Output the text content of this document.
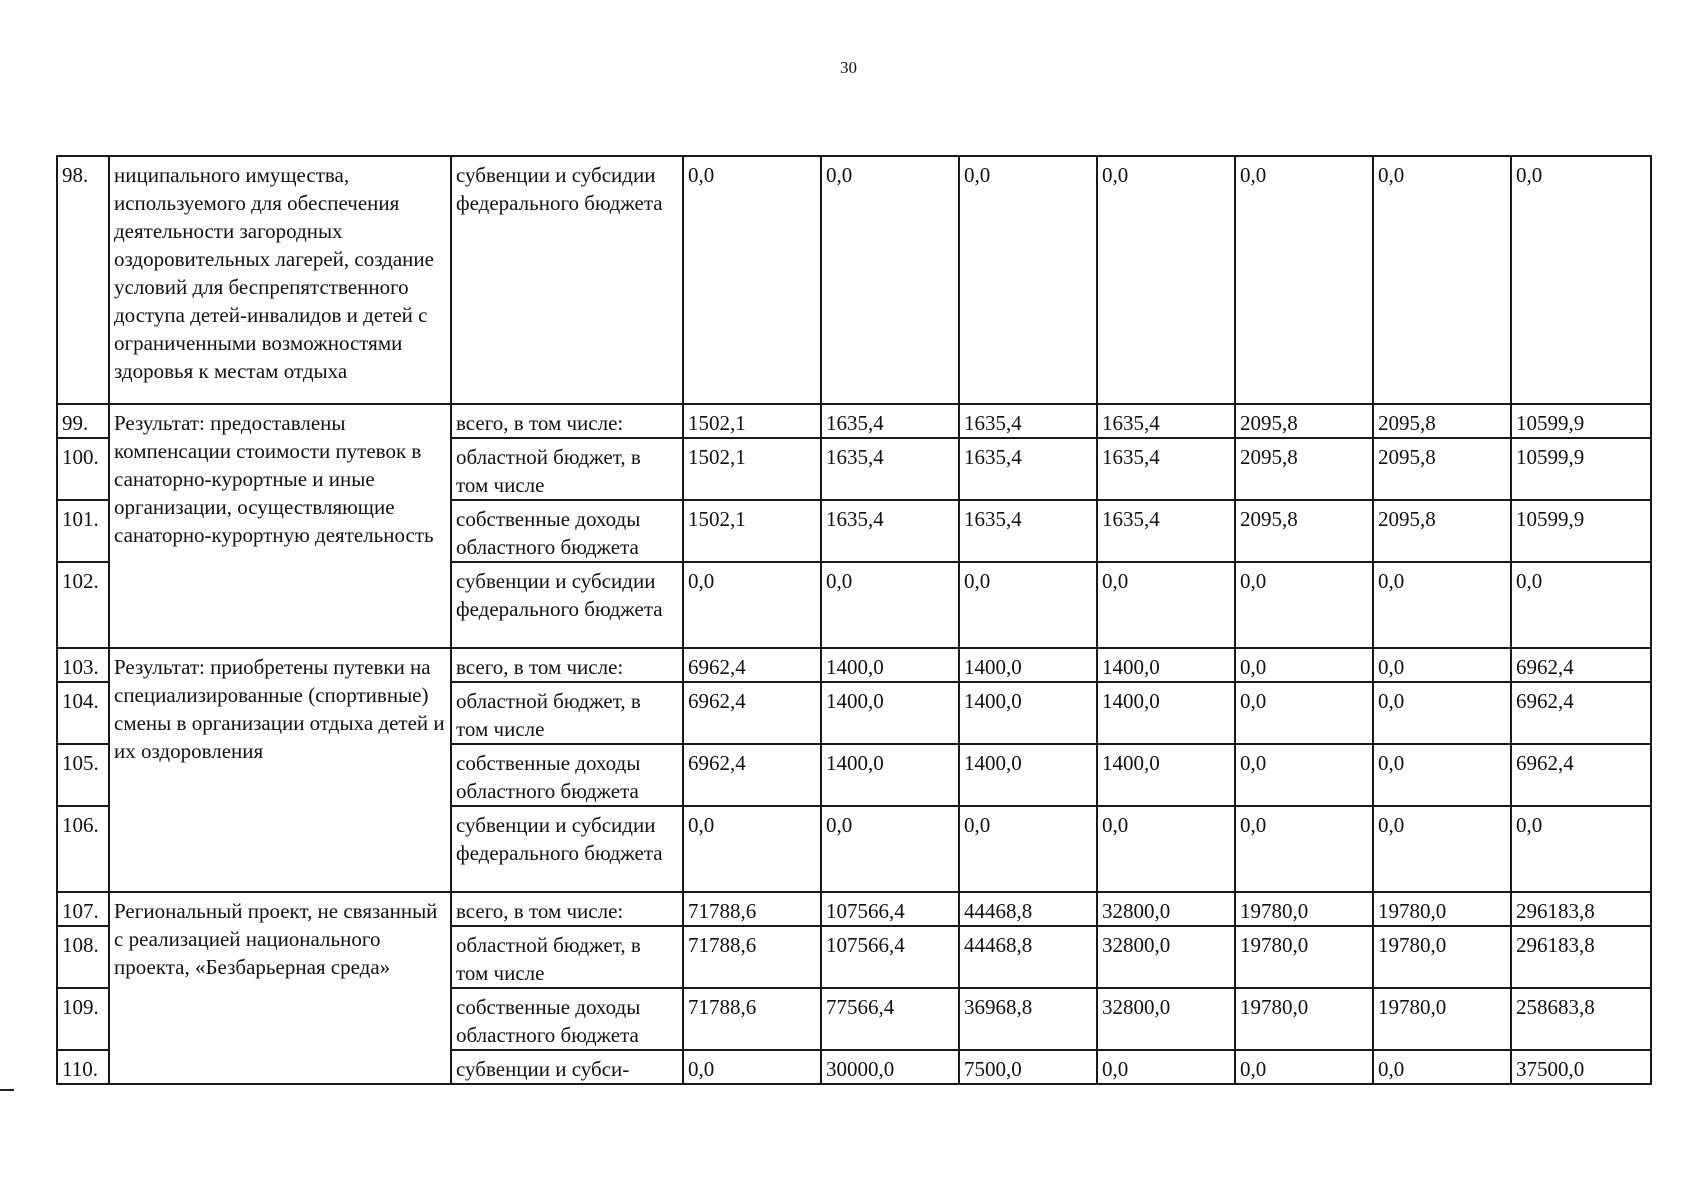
30
98.	ниципального имущества, используемого для обеспечения деятельности загородных оздоровительных лагерей, создание условий для беспрепятственного доступа детей-инвалидов и детей с ограниченными возможностями здоровья к местам отдыха	субвенции и субсидии федерального бюджета	0,0	0,0	0,0	0,0	0,0	0,0	0,0
99.	Результат: предоставлены компенсации стоимости путевок в санаторно-курортные и иные организации, осуществляющие санаторно-курортную деятельность	всего, в том числе:	1502,1	1635,4	1635,4	1635,4	2095,8	2095,8	10599,9
100.		областной бюджет, в том числе	1502,1	1635,4	1635,4	1635,4	2095,8	2095,8	10599,9
101.		собственные доходы областного бюджета	1502,1	1635,4	1635,4	1635,4	2095,8	2095,8	10599,9
102.		субвенции и субсидии федерального бюджета	0,0	0,0	0,0	0,0	0,0	0,0	0,0
103.	Результат: приобретены путевки на специализированные (спортивные) смены в организации отдыха детей и их оздоровления	всего, в том числе:	6962,4	1400,0	1400,0	1400,0	0,0	0,0	6962,4
104.		областной бюджет, в том числе	6962,4	1400,0	1400,0	1400,0	0,0	0,0	6962,4
105.		собственные доходы областного бюджета	6962,4	1400,0	1400,0	1400,0	0,0	0,0	6962,4
106.		субвенции и субсидии федерального бюджета	0,0	0,0	0,0	0,0	0,0	0,0	0,0
107.	Региональный проект, не связанный с реализацией национального проекта, «Безбарьерная среда»	всего, в том числе:	71788,6	107566,4	44468,8	32800,0	19780,0	19780,0	296183,8
108.		областной бюджет, в том числе	71788,6	107566,4	44468,8	32800,0	19780,0	19780,0	296183,8
109.		собственные доходы областного бюджета	71788,6	77566,4	36968,8	32800,0	19780,0	19780,0	258683,8
110.		субвенции и субси-	0,0	30000,0	7500,0	0,0	0,0	0,0	37500,0
